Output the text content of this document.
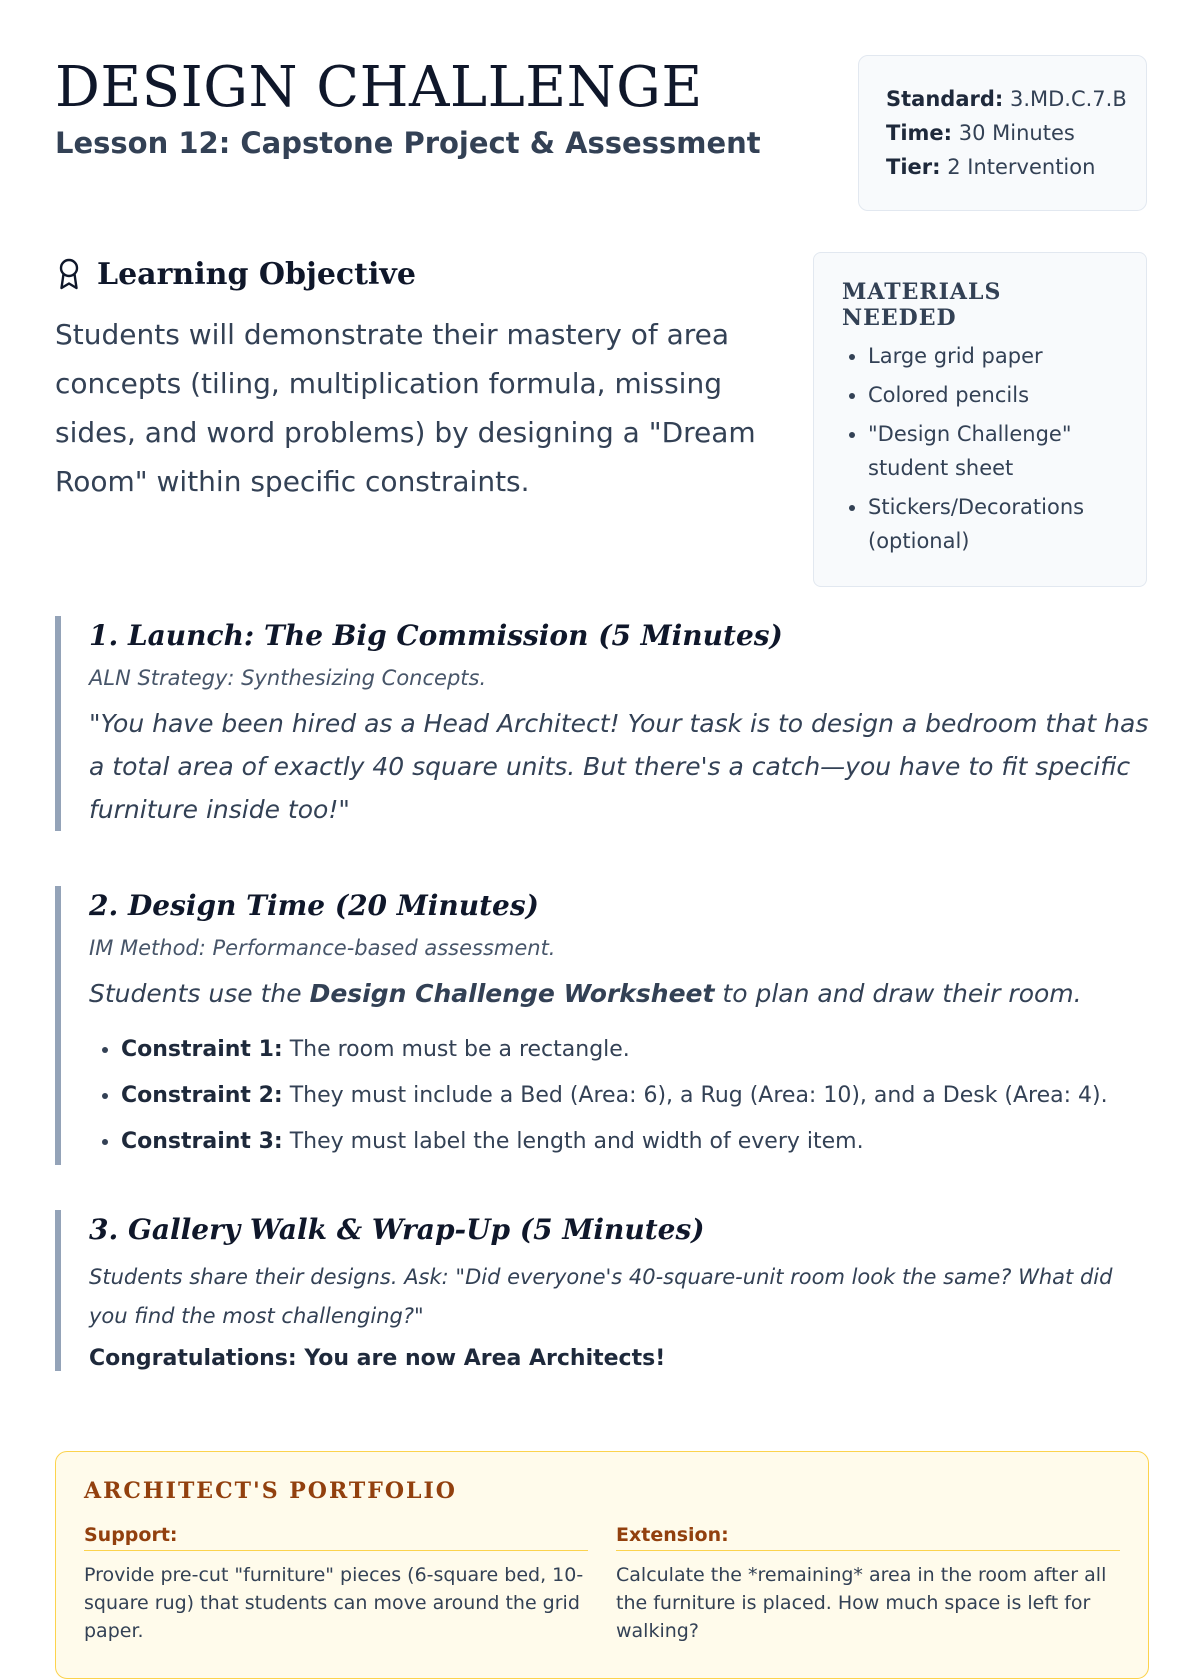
DESIGN CHALLENGE
Lesson 12: Capstone Project & Assessment
Standard: 3.MD.C.7.B
Time: 30 Minutes
Tier: 2 Intervention
Learning Objective
Students will demonstrate their mastery of area concepts (tiling, multiplication formula, missing sides, and word problems) by designing a "Dream Room" within specific constraints.
MATERIALS NEEDED
• Large grid paper
• Colored pencils
• "Design Challenge" student sheet
• Stickers/Decorations (optional)
1. Launch: The Big Commission (5 Minutes)
ALN Strategy: Synthesizing Concepts.
"You have been hired as a Head Architect! Your task is to design a bedroom that has a total area of exactly 40 square units. But there's a catch—you have to fit specific furniture inside too!"
2. Design Time (20 Minutes)
IM Method: Performance-based assessment.
Students use the Design Challenge Worksheet to plan and draw their room.
• Constraint 1: The room must be a rectangle.
• Constraint 2: They must include a Bed (Area: 6), a Rug (Area: 10), and a Desk (Area: 4).
• Constraint 3: They must label the length and width of every item.
3. Gallery Walk & Wrap-Up (5 Minutes)
Students share their designs. Ask: "Did everyone's 40-square-unit room look the same? What did you find the most challenging?"
Congratulations: You are now Area Architects!
ARCHITECT'S PORTFOLIO
Support:
Provide pre-cut "furniture" pieces (6-square bed, 10-square rug) that students can move around the grid paper.
Extension:
Calculate the *remaining* area in the room after all the furniture is placed. How much space is left for walking?
